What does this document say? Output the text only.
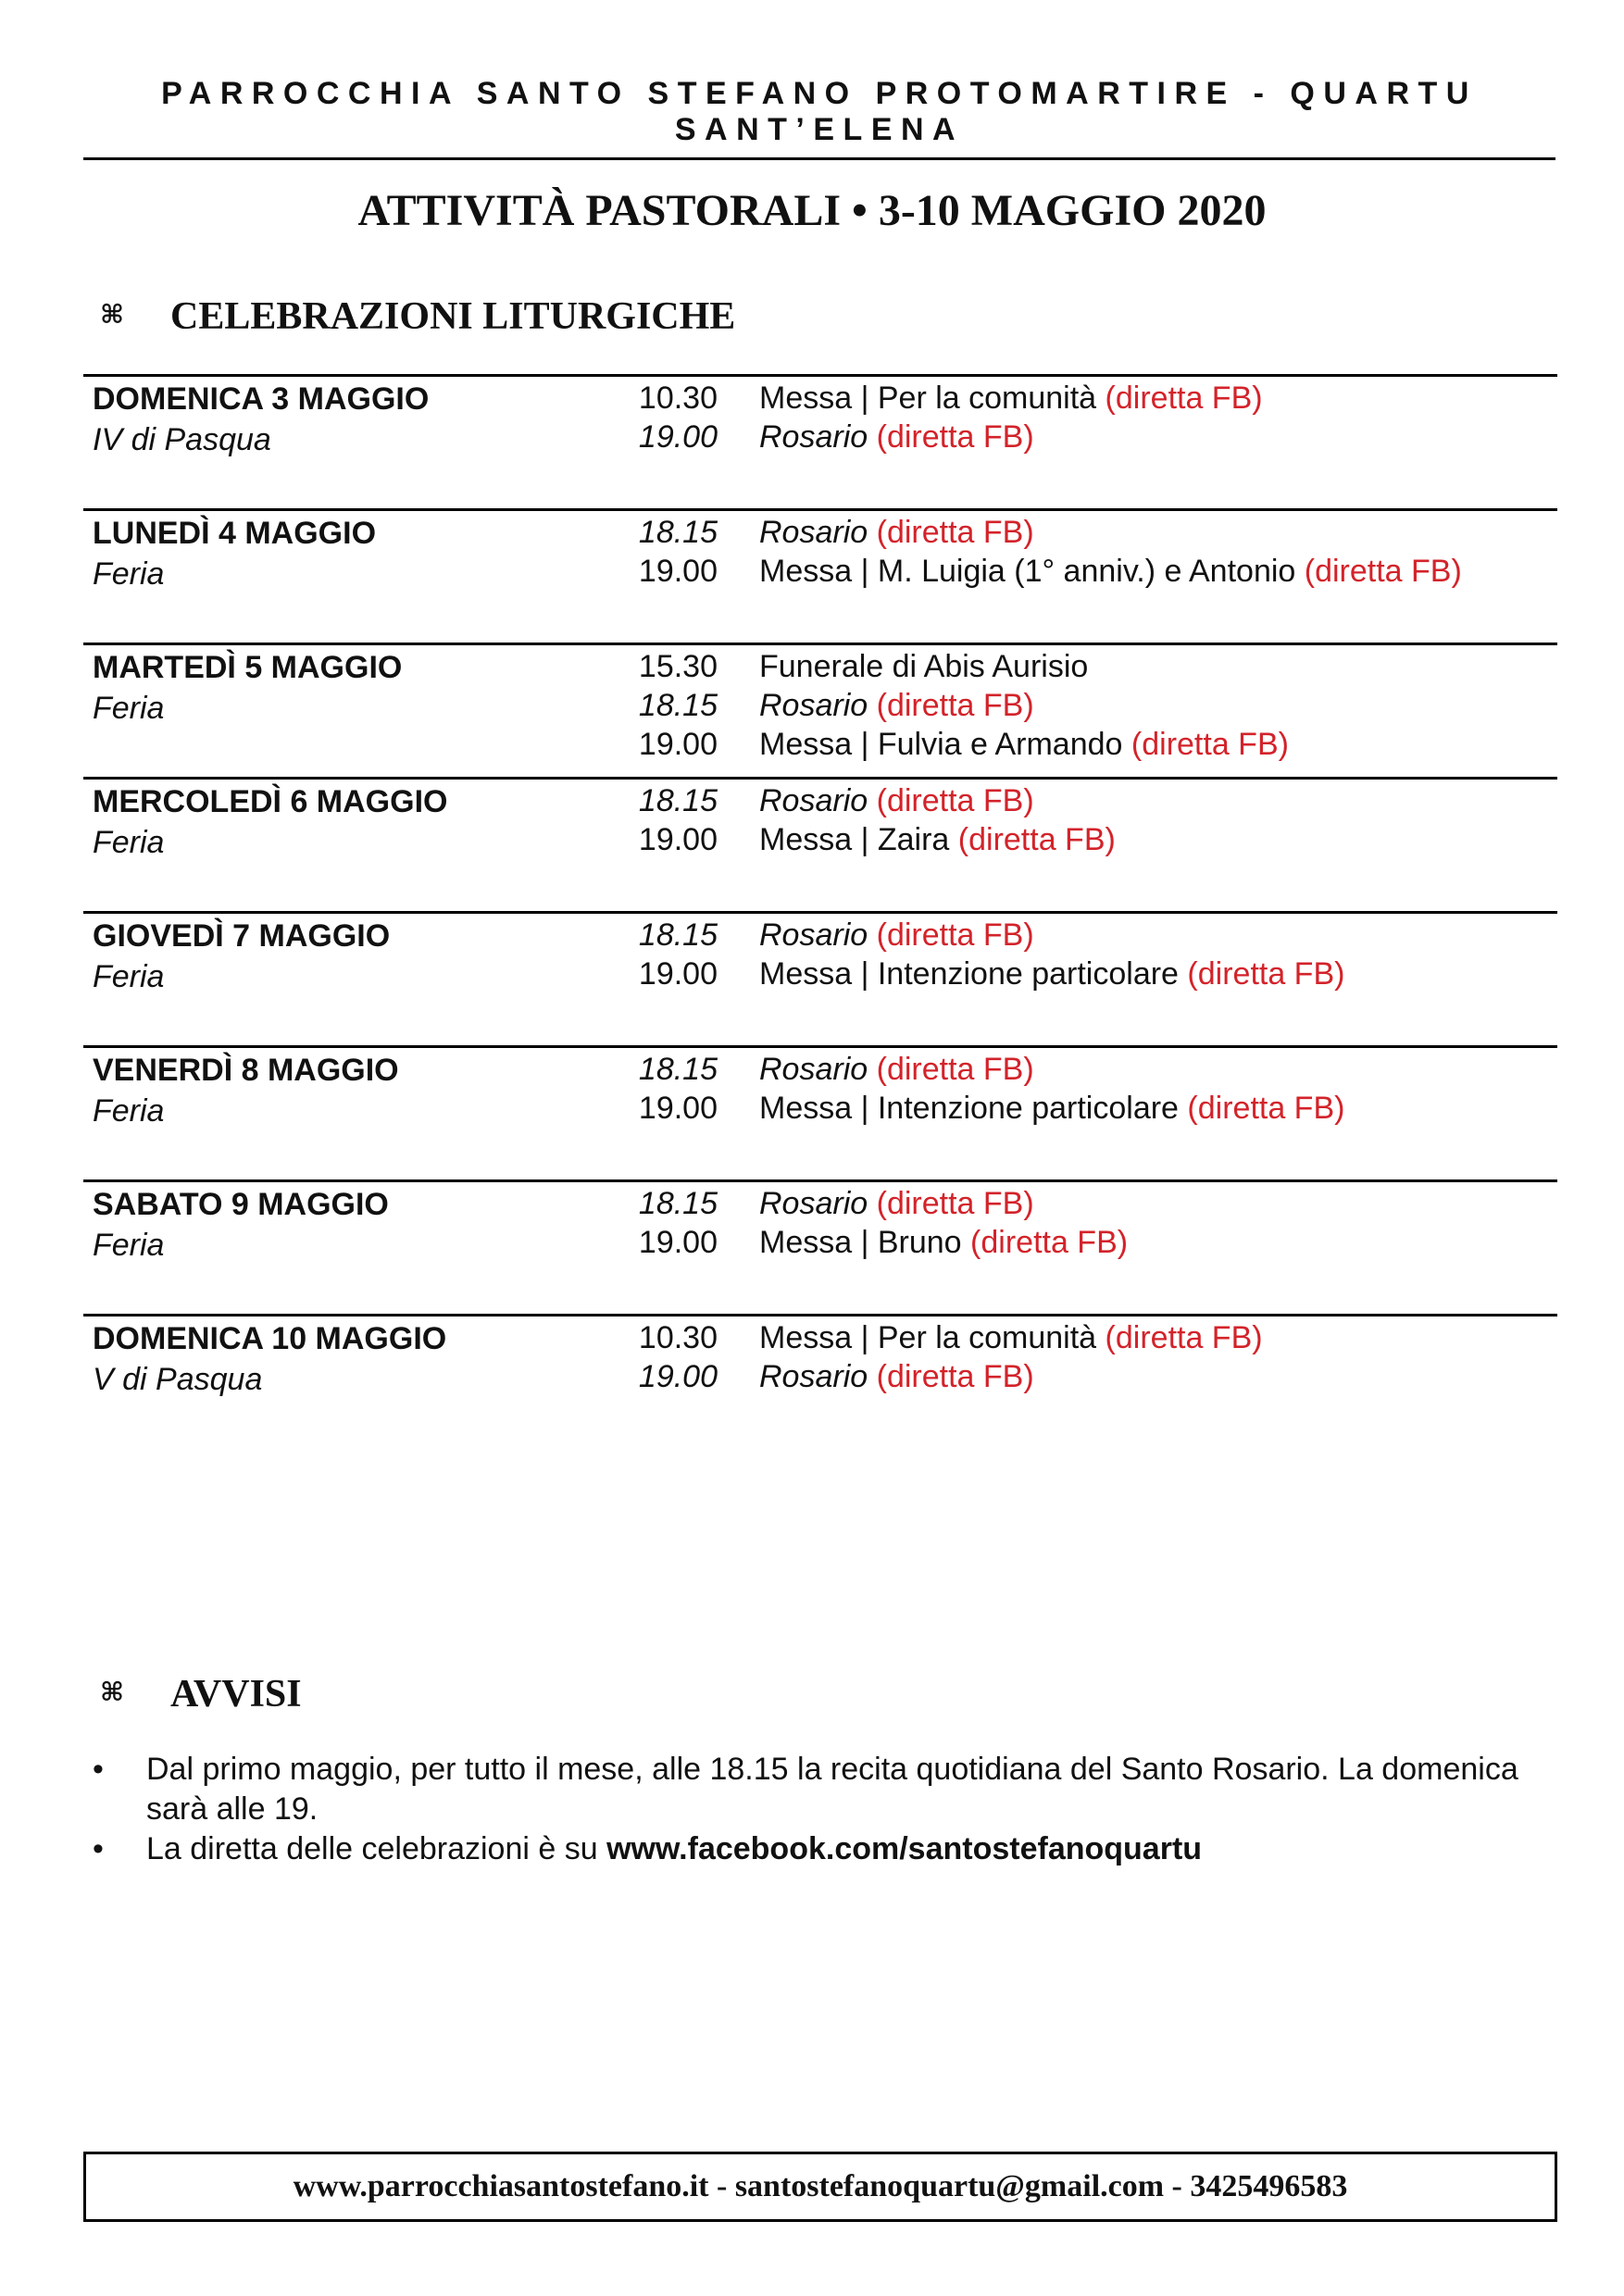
PARROCCHIA SANTO STEFANO PROTOMARTIRE - QUARTU SANT’ELENA
ATTIVITÀ PASTORALI • 3-10 MAGGIO 2020
⌘ CELEBRAZIONI LITURGICHE
DOMENICA 3 MAGGIO
IV di Pasqua
10.30 Messa | Per la comunità (diretta FB)
19.00 Rosario (diretta FB)
LUNEDÌ 4 MAGGIO
Feria
18.15 Rosario (diretta FB)
19.00 Messa | M. Luigia (1° anniv.) e Antonio (diretta FB)
MARTEDÌ 5 MAGGIO
Feria
15.30 Funerale di Abis Aurisio
18.15 Rosario (diretta FB)
19.00 Messa | Fulvia e Armando (diretta FB)
MERCOLEDÌ 6 MAGGIO
Feria
18.15 Rosario (diretta FB)
19.00 Messa | Zaira (diretta FB)
GIOVEDÌ 7 MAGGIO
Feria
18.15 Rosario (diretta FB)
19.00 Messa | Intenzione particolare (diretta FB)
VENERDÌ 8 MAGGIO
Feria
18.15 Rosario (diretta FB)
19.00 Messa | Intenzione particolare (diretta FB)
SABATO 9 MAGGIO
Feria
18.15 Rosario (diretta FB)
19.00 Messa | Bruno (diretta FB)
DOMENICA 10 MAGGIO
V di Pasqua
10.30 Messa | Per la comunità (diretta FB)
19.00 Rosario (diretta FB)
⌘ AVVISI
• Dal primo maggio, per tutto il mese, alle 18.15 la recita quotidiana del Santo Rosario. La domenica sarà alle 19.
• La diretta delle celebrazioni è su www.facebook.com/santostefanoquartu
www.parrocchiasantostefano.it - santostefanoquartu@gmail.com - 3425496583
